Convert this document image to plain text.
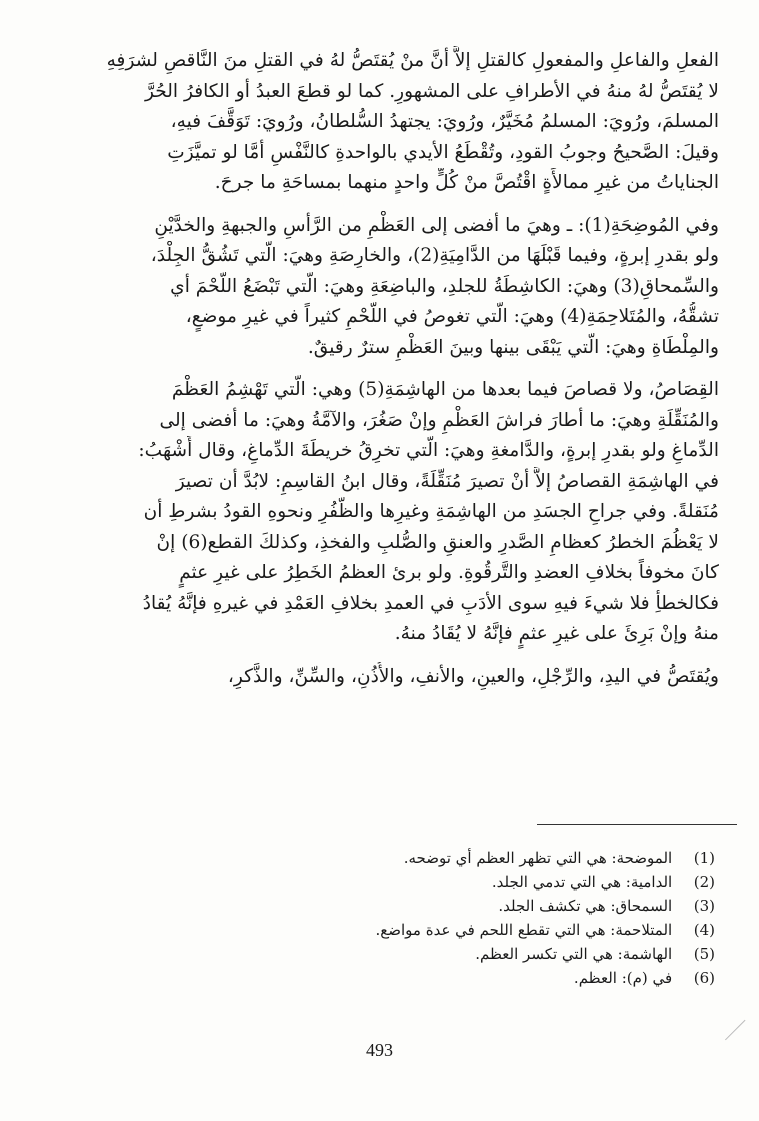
الفعلِ والفاعلِ والمفعولِ كالقتلِ إلاَّ أنَّ منْ يُقتَصُّ لهُ في القتلِ منَ النَّاقصِ لشرَفِهِ
لا يُقتَصُّ لهُ منهُ في الأطرافِ على المشهورِ. كما لو قطعَ العبدُ أو الكافرُ الحُرَّ
المسلمَ، ورُويَ: المسلمُ مُخَيَّرٌ، ورُويَ: يجتهدُ السُّلطانُ، ورُويَ: تَوَقَّفَ فيهِ،
وقيلَ: الصَّحيحُ وجوبُ القودِ، وتُقْطَعُ الأيدي بالواحدةِ كالنَّفْسِ أمَّا لو تميَّزَتِ
الجناياتُ من غيرِ ممالأَةٍ اقْتُصَّ منْ كُلٍّ واحدٍ منهما بمساحَةِ ما جرحَ.

وفي المُوضِحَةِ(1): ـ وهيَ ما أفضى إلى العَظْمِ من الرَّأسِ والجبهةِ والخدَّيْنِ
ولو بقدرِ إبرةٍ، وفيما قَبْلَهَا من الدَّامِيَةِ(2)، والخارِصَةِ وهيَ: الَّتي تَشُقُّ الجِلْدَ،
والسِّمحاقِ(3) وهيَ: الكاشِطَةُ للجلدِ، والباضِعَةِ وهيَ: الَّتي تَبْضَعُ اللَّحْمَ أي
تشقُّهُ، والمُتَلاحِمَةِ(4) وهيَ: الَّتي تغوصُ في اللَّحْمِ كثيراً في غيرِ موضعٍ،
والمِلْطَاةِ وهيَ: الَّتي يَبْقَى بينها وبينَ العَظْمِ سترٌ رقيقٌ.

القِصَاصُ، ولا قصاصَ فيما بعدها من الهاشِمَةِ(5) وهي: الَّتي تَهْشِمُ العَظْمَ
والمُنَقِّلَةِ وهيَ: ما أطارَ فراشَ العَظْمِ وإنْ صَغُرَ، والآمَّةُ وهيَ: ما أفضى إلى
الدِّماغِ ولو بقدرِ إبرةٍ، والدَّامغةِ وهيَ: الَّتي تخرِقُ خريطَةَ الدِّماغِ، وقال أَشْهَبُ:
في الهاشِمَةِ القصاصُ إلاَّ أنْ تصيرَ مُنَقِّلَةً، وقال ابنُ القاسِمِ: لابُدَّ أن تصيرَ
مُنَقلةً. وفي جراحِ الجسَدِ من الهاشِمَةِ وغيرِها والظُّفُرِ ونحوهِ القودُ بشرطِ أن
لا يَعْظُمَ الخطرُ كعظامِ الصَّدرِ والعنقِ والصُّلبِ والفخذِ، وكذلكَ القطع(6) إنْ
كانَ مخوفاً بخلافِ العضدِ والتَّرقُوةِ. ولو برئ العظمُ الخَطِرُ على غيرِ عثمٍ
فكالخطأِ فلا شيءَ فيهِ سوى الأدَبِ في العمدِ بخلافِ العَمْدِ في غيرهِ فإنَّهُ يُقادُ
منهُ وإنْ بَرِئَ على غيرِ عثمٍ فإنَّهُ لا يُقَادُ منهُ.

ويُقتَصُّ في اليدِ، والرِّجْلِ، والعينِ، والأنفِ، والأُذُنِ، والسِّنِّ، والذَّكرِ،

(1) الموضحة: هي التي تظهر العظم أي توضحه.
(2) الدامية: هي التي تدمي الجلد.
(3) السمحاق: هي تكشف الجلد.
(4) المتلاحمة: هي التي تقطع اللحم في عدة مواضع.
(5) الهاشمة: هي التي تكسر العظم.
(6) في (م): العظم.
493
